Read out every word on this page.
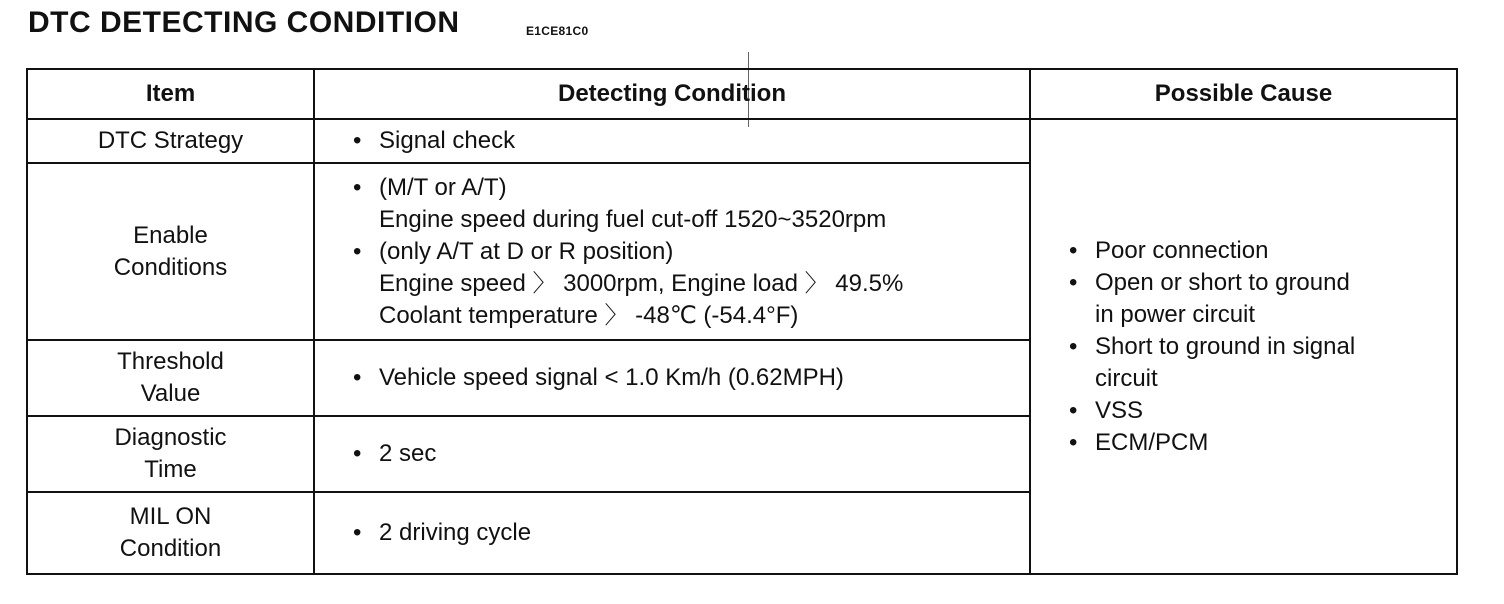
DTC DETECTING CONDITION	E1CE81C0
Item	Detecting Condition	Possible Cause
DTC Strategy
•	Signal check
Enable
Conditions
• (M/T or A/T)
Engine speed during fuel cut-off 1520~3520rpm
• (only A/T at D or R position)
Engine speed 〉 3000rpm, Engine load 〉 49.5%
Coolant temperature 〉 -48℃ (-54.4°F)
Threshold
Value
• Vehicle speed signal < 1.0 Km/h (0.62MPH)
Diagnostic
Time
• 2 sec
MIL ON
Condition
• 2 driving cycle
• Poor connection
• Open or short to ground
in power circuit
• Short to ground in signal
circuit
• VSS
• ECM/PCM
